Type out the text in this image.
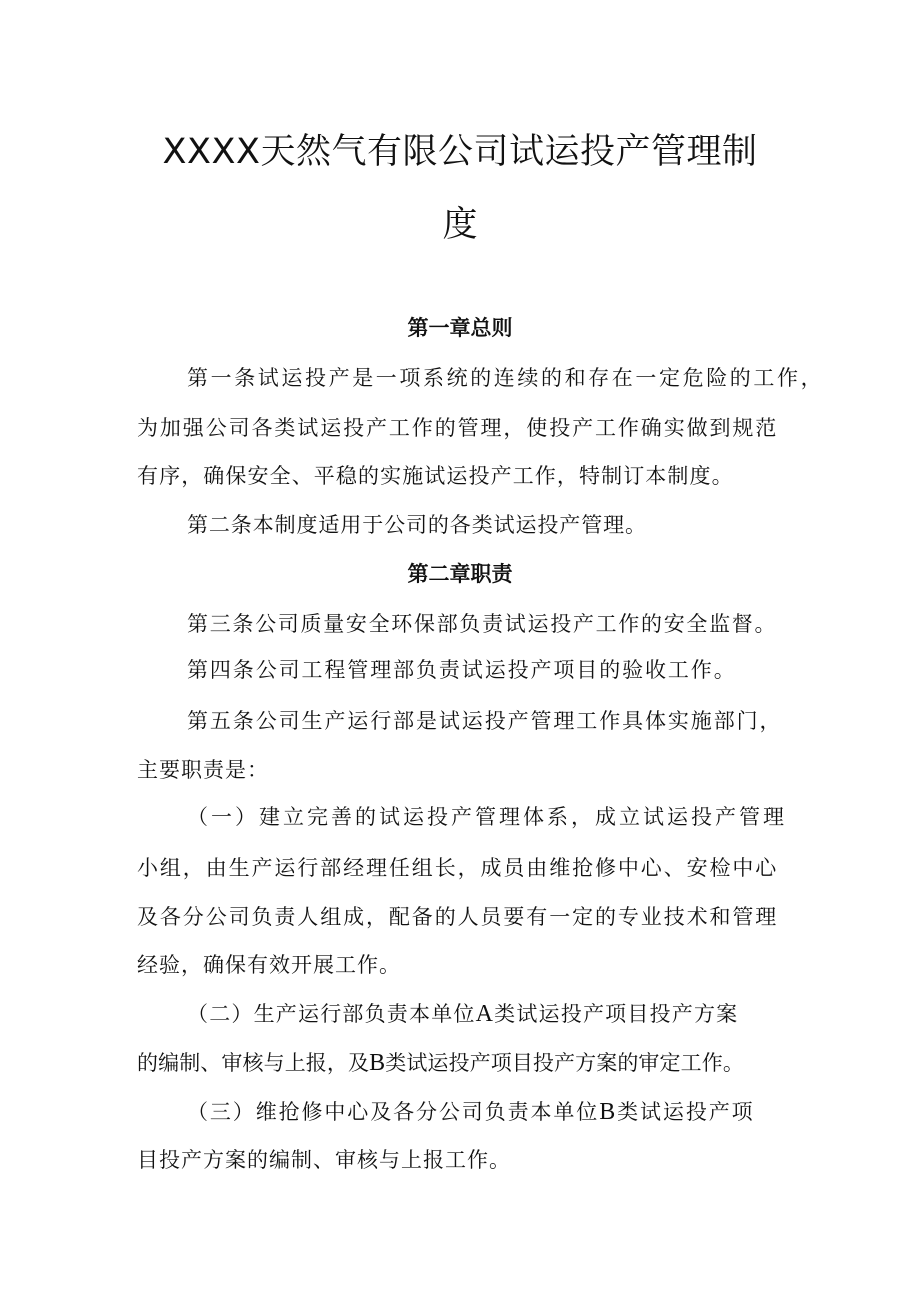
XXXX天然气有限公司试运投产管理制
度
第一章总则
第一条试运投产是一项系统的连续的和存在一定危险的工作，
为加强公司各类试运投产工作的管理，使投产工作确实做到规范
有序，确保安全、平稳的实施试运投产工作，特制订本制度。
第二条本制度适用于公司的各类试运投产管理。
第二章职责
第三条公司质量安全环保部负责试运投产工作的安全监督。
第四条公司工程管理部负责试运投产项目的验收工作。
第五条公司生产运行部是试运投产管理工作具体实施部门，
主要职责是：
（一）建立完善的试运投产管理体系，成立试运投产管理
小组，由生产运行部经理任组长，成员由维抢修中心、安检中心
及各分公司负责人组成，配备的人员要有一定的专业技术和管理
经验，确保有效开展工作。
（二）生产运行部负责本单位A类试运投产项目投产方案
的编制、审核与上报，及B类试运投产项目投产方案的审定工作。
（三）维抢修中心及各分公司负责本单位B类试运投产项
目投产方案的编制、审核与上报工作。
